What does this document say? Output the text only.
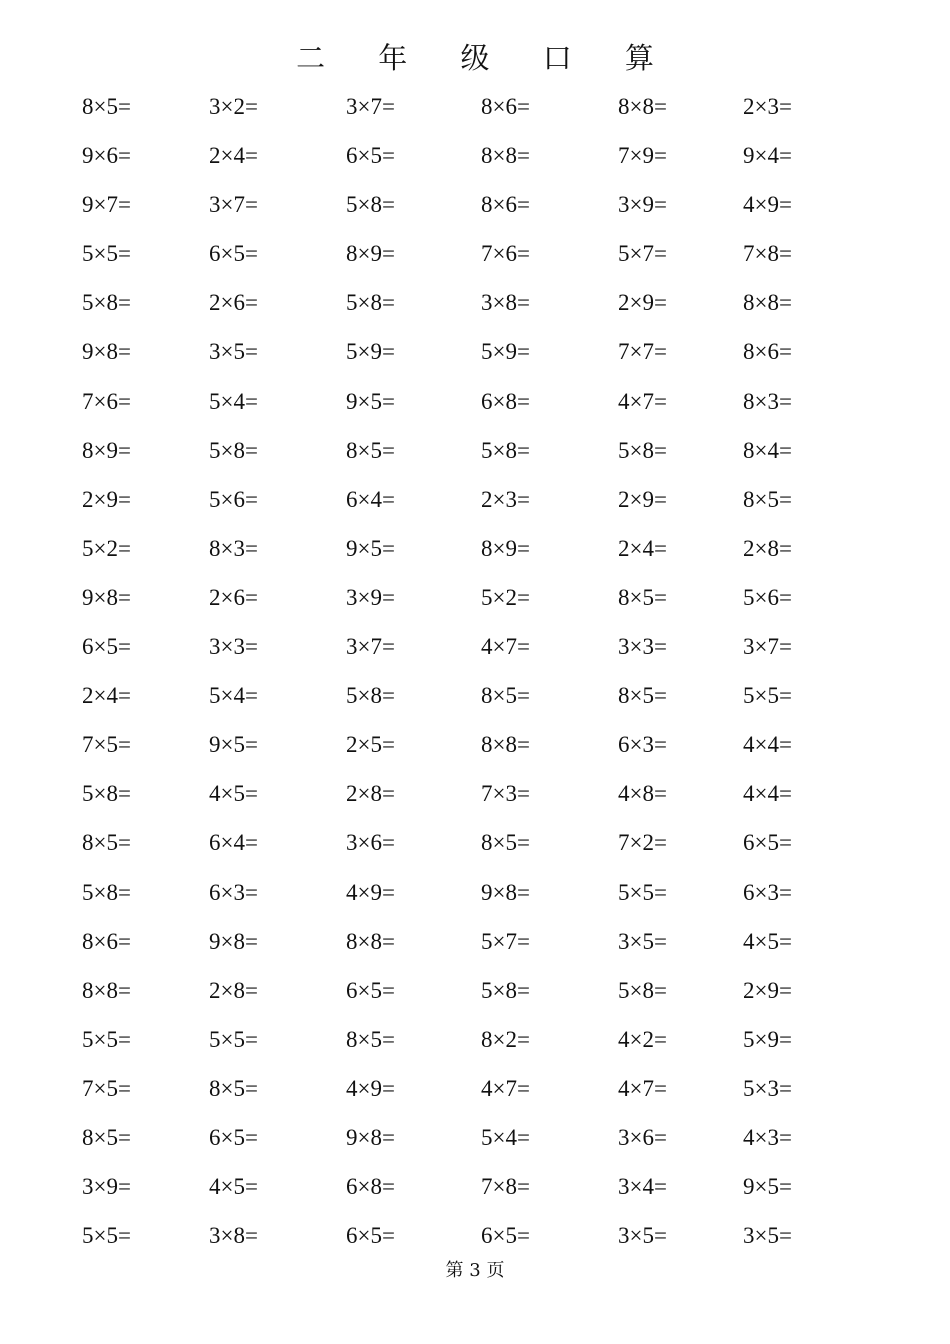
二 年 级 口 算
8×5=	3×2=	3×7=	8×6=	8×8=	2×3=
9×6=	2×4=	6×5=	8×8=	7×9=	9×4=
9×7=	3×7=	5×8=	8×6=	3×9=	4×9=
5×5=	6×5=	8×9=	7×6=	5×7=	7×8=
5×8=	2×6=	5×8=	3×8=	2×9=	8×8=
9×8=	3×5=	5×9=	5×9=	7×7=	8×6=
7×6=	5×4=	9×5=	6×8=	4×7=	8×3=
8×9=	5×8=	8×5=	5×8=	5×8=	8×4=
2×9=	5×6=	6×4=	2×3=	2×9=	8×5=
5×2=	8×3=	9×5=	8×9=	2×4=	2×8=
9×8=	2×6=	3×9=	5×2=	8×5=	5×6=
6×5=	3×3=	3×7=	4×7=	3×3=	3×7=
2×4=	5×4=	5×8=	8×5=	8×5=	5×5=
7×5=	9×5=	2×5=	8×8=	6×3=	4×4=
5×8=	4×5=	2×8=	7×3=	4×8=	4×4=
8×5=	6×4=	3×6=	8×5=	7×2=	6×5=
5×8=	6×3=	4×9=	9×8=	5×5=	6×3=
8×6=	9×8=	8×8=	5×7=	3×5=	4×5=
8×8=	2×8=	6×5=	5×8=	5×8=	2×9=
5×5=	5×5=	8×5=	8×2=	4×2=	5×9=
7×5=	8×5=	4×9=	4×7=	4×7=	5×3=
8×5=	6×5=	9×8=	5×4=	3×6=	4×3=
3×9=	4×5=	6×8=	7×8=	3×4=	9×5=
5×5=	3×8=	6×5=	6×5=	3×5=	3×5=
第 3 页
